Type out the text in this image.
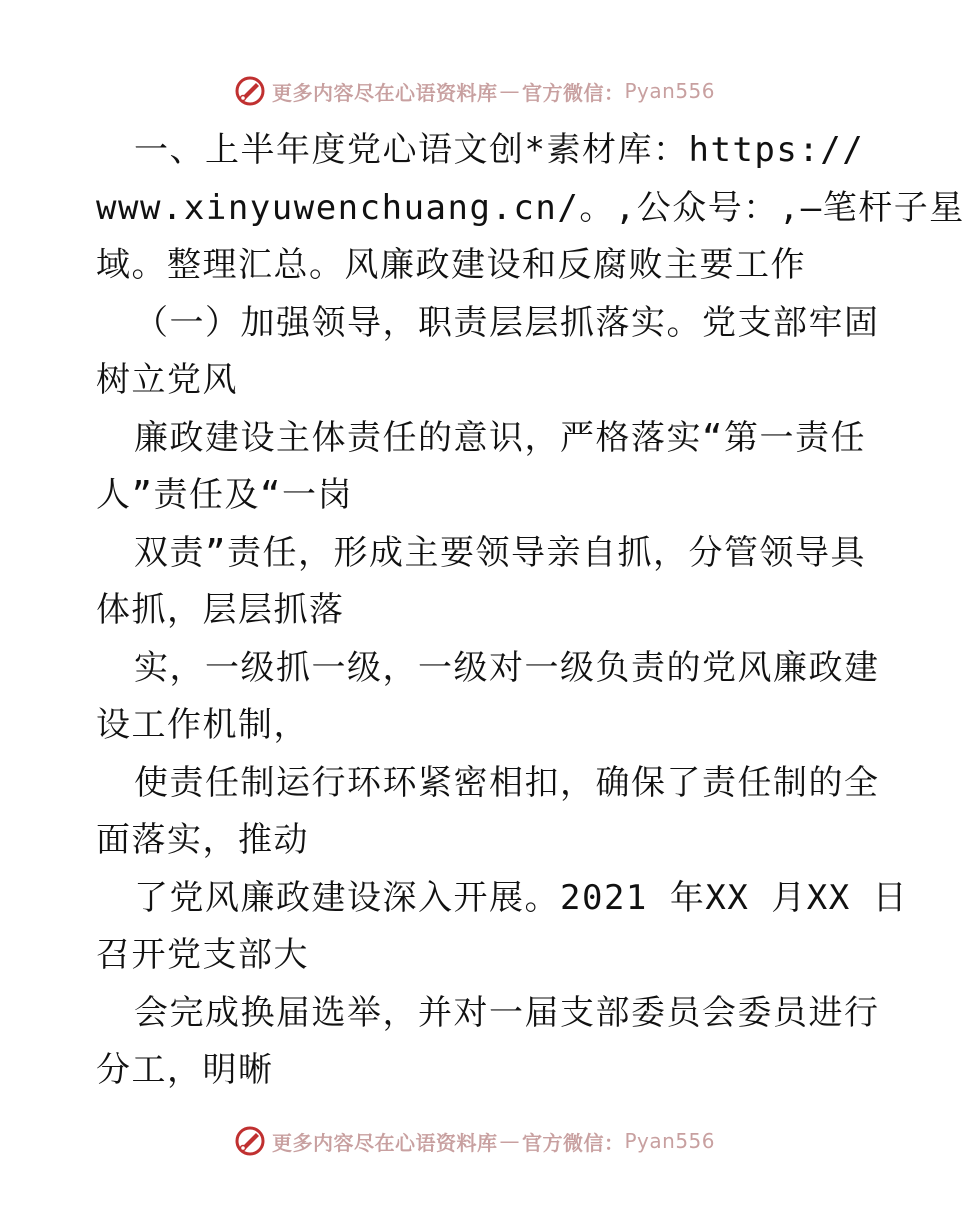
更多内容尽在心语资料库 — 官方微信： Pyan556
一、上半年度党心语文创*素材库：https://
www.xinyuwenchuang.cn/。,公众号：,—笔杆子星
域。整理汇总。风廉政建设和反腐败主要工作
（一）加强领导，职责层层抓落实。党支部牢固
树立党风
廉政建设主体责任的意识，严格落实“第一责任
人”责任及“一岗
双责”责任，形成主要领导亲自抓，分管领导具
体抓，层层抓落
实，一级抓一级，一级对一级负责的党风廉政建
设工作机制，
使责任制运行环环紧密相扣，确保了责任制的全
面落实，推动
了党风廉政建设深入开展。2021 年XX 月XX 日
召开党支部大
会完成换届选举，并对一届支部委员会委员进行
分工，明晰
更多内容尽在心语资料库 — 官方微信： Pyan556
